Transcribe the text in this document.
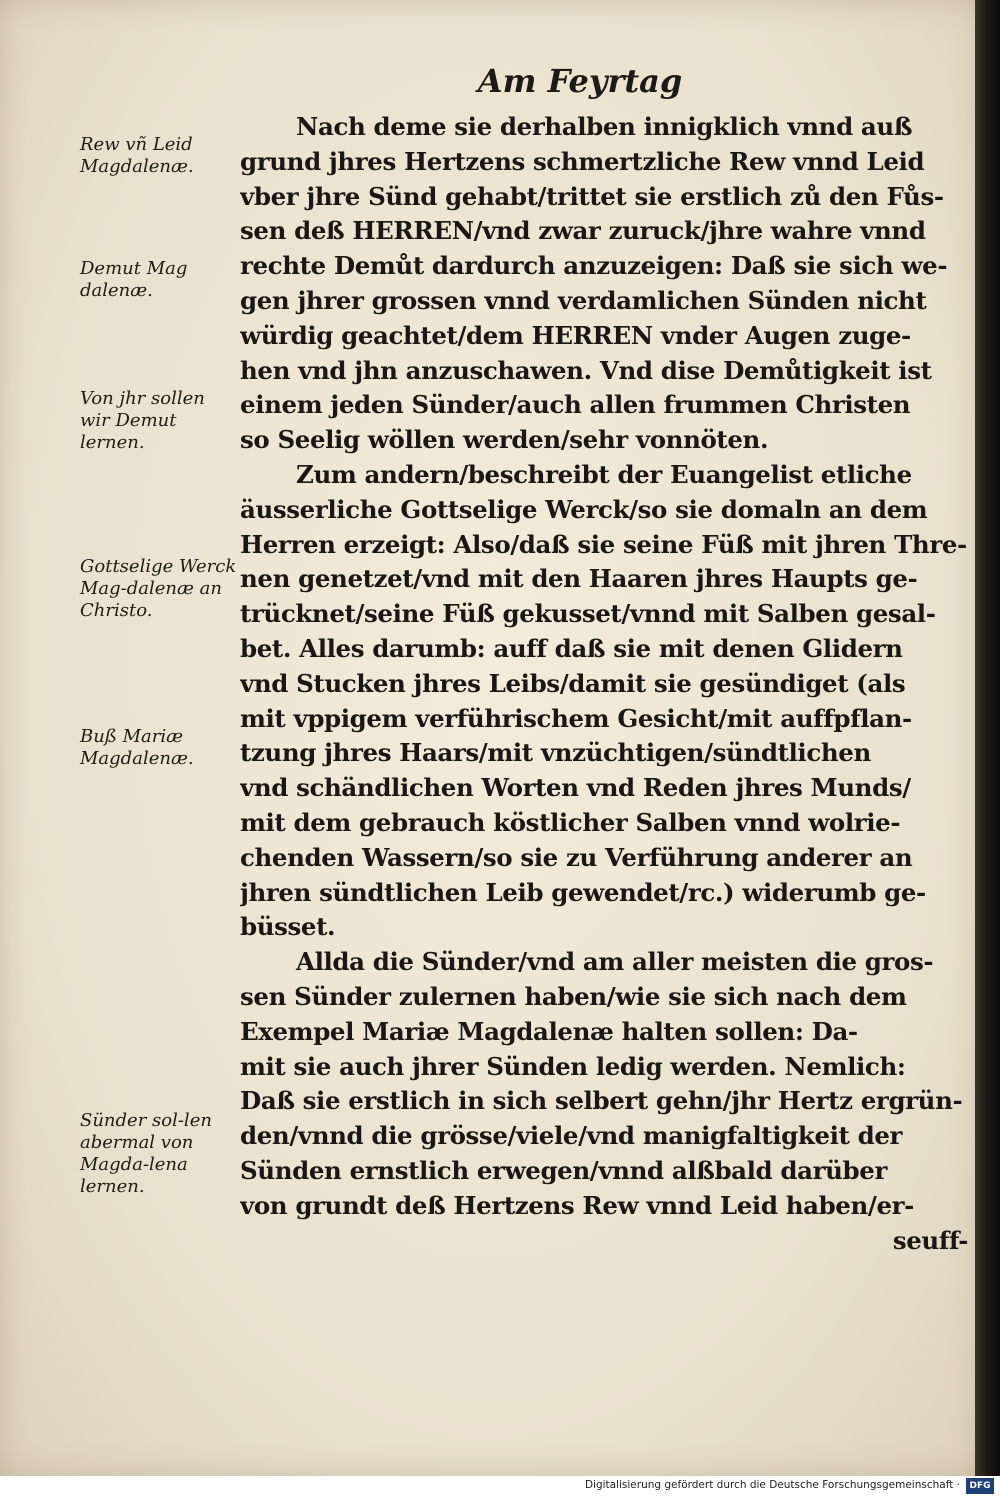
Am Feyrtag
Rew vñ Leid Magdalenæ.
Demut Mag dalenæ.
Von jhr sollen wir Demut lernen.
Gottselige Werck Mag-dalenæ an Christo.
Buß Mariæ Magdalenæ.
Sünder sol-len abermal von Magda-lena lernen.
Nach deme sie derhalben innigklich vnnd auß
grund jhres Hertzens schmertzliche Rew vnnd Leid
vber jhre Sünd gehabt/trittet sie erstlich zů den Fůs-
sen deß HERREN/vnd zwar zuruck/jhre wahre vnnd
rechte Demůt dardurch anzuzeigen: Daß sie sich we-
gen jhrer grossen vnnd verdamlichen Sünden nicht
würdig geachtet/dem HERREN vnder Augen zuge-
hen vnd jhn anzuschawen. Vnd dise Demůtigkeit ist
einem jeden Sünder/auch allen frummen Christen
so Seelig wöllen werden/sehr vonnöten.
Zum andern/beschreibt der Euangelist etliche
äusserliche Gottselige Werck/so sie domaln an dem
Herren erzeigt: Also/daß sie seine Füß mit jhren Thre-
nen genetzet/vnd mit den Haaren jhres Haupts ge-
trücknet/seine Füß gekusset/vnnd mit Salben gesal-
bet. Alles darumb: auff daß sie mit denen Glidern
vnd Stucken jhres Leibs/damit sie gesündiget (als
mit vppigem verführischem Gesicht/mit auffpflan-
tzung jhres Haars/mit vnzüchtigen/sündtlichen
vnd schändlichen Worten vnd Reden jhres Munds/
mit dem gebrauch köstlicher Salben vnnd wolrie-
chenden Wassern/so sie zu Verführung anderer an
jhren sündtlichen Leib gewendet/rc.) widerumb ge-
büsset.
Allda die Sünder/vnd am aller meisten die gros-
sen Sünder zulernen haben/wie sie sich nach dem
Exempel Mariæ Magdalenæ halten sollen: Da-
mit sie auch jhrer Sünden ledig werden. Nemlich:
Daß sie erstlich in sich selbert gehn/jhr Hertz ergrün-
den/vnnd die grösse/viele/vnd manigfaltigkeit der
Sünden ernstlich erwegen/vnnd alßbald darüber
von grundt deß Hertzens Rew vnnd Leid haben/er-
seuff-
Digitalisierung gefördert durch die Deutsche Forschungsgemeinschaft ·	DFG
